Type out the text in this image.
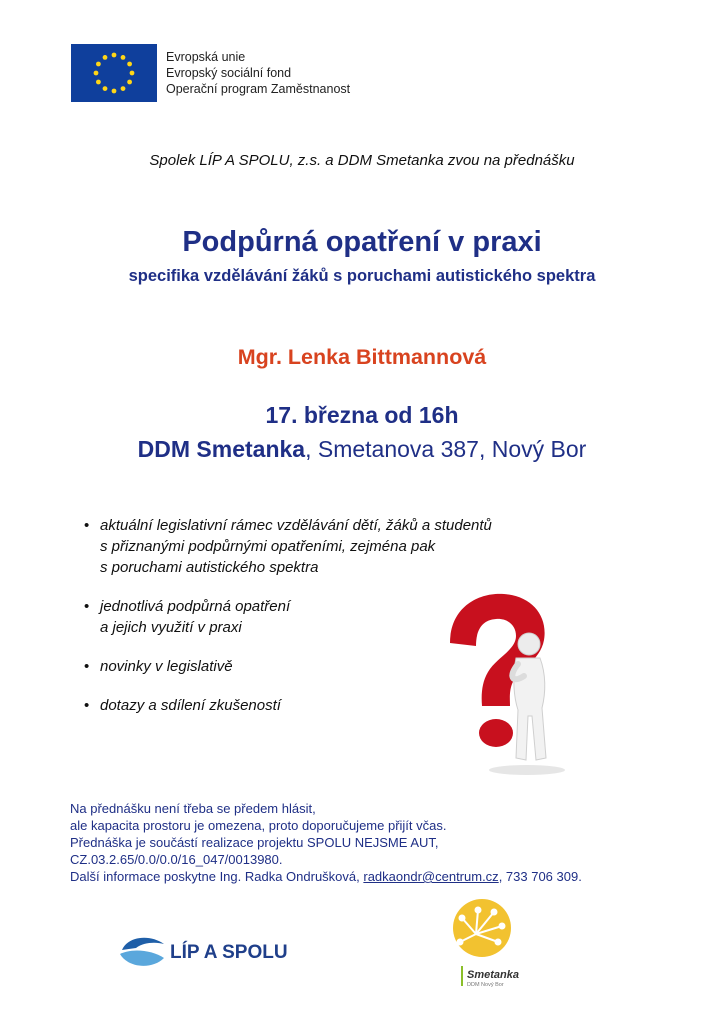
Evropská unie
Evropský sociální fond
Operační program Zaměstnanost
Spolek LÍP A SPOLU, z.s. a DDM Smetanka zvou na přednášku
Podpůrná opatření v praxi
specifika vzdělávání žáků s poruchami autistického spektra
Mgr. Lenka Bittmannová
17. března od 16h
DDM Smetanka, Smetanova 387, Nový Bor
• aktuální legislativní rámec vzdělávání dětí, žáků a studentů
s přiznanými podpůrnými opatřeními, zejména pak
s poruchami autistického spektra
• jednotlivá podpůrná opatření
a jejich využití v praxi
• novinky v legislativě
• dotazy a sdílení zkušeností
Na přednášku není třeba se předem hlásit,
ale kapacita prostoru je omezena, proto doporučujeme přijít včas.
Přednáška je součástí realizace projektu SPOLU NEJSME AUT,
CZ.03.2.65/0.0/0.0/16_047/0013980.
Další informace poskytne Ing. Radka Ondrušková, radkaondr@centrum.cz, 733 706 309.
LÍP A SPOLU
Smetanka
DDM Nový Bor
